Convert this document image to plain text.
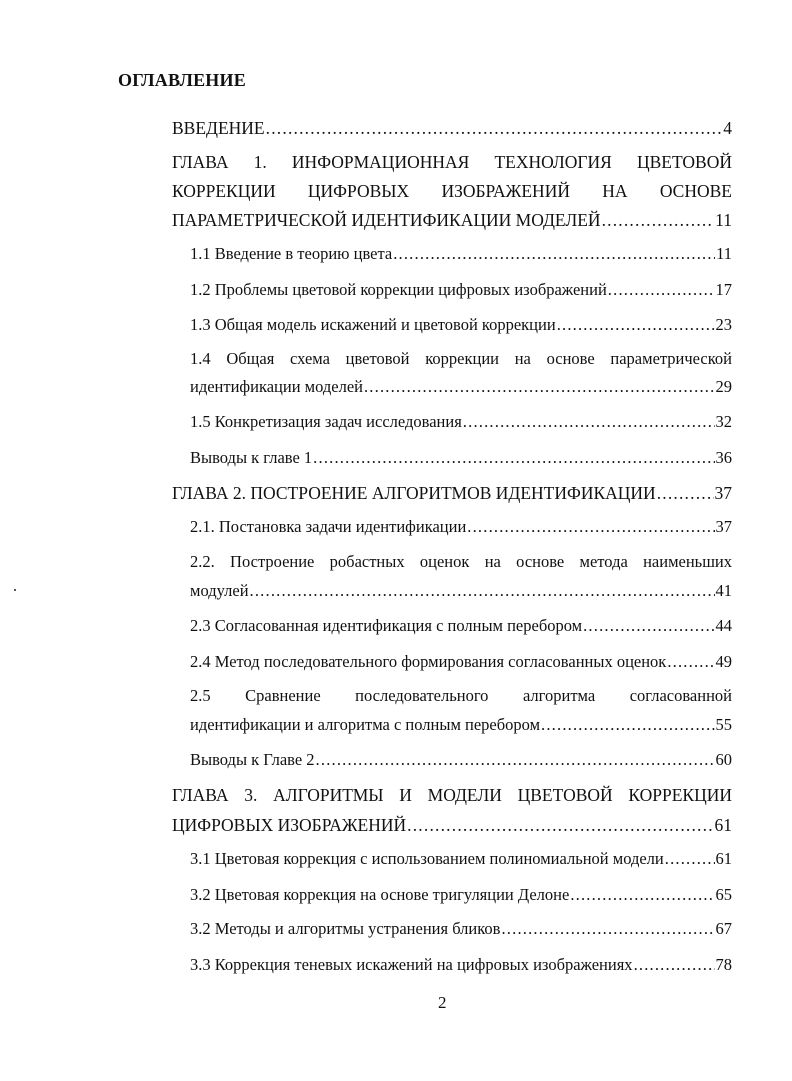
ОГЛАВЛЕНИЕ
ВВЕДЕНИЕ .....	4
ГЛАВА 1. ИНФОРМАЦИОННАЯ ТЕХНОЛОГИЯ ЦВЕТОВОЙ
КОРРЕКЦИИ ЦИФРОВЫХ ИЗОБРАЖЕНИЙ НА ОСНОВЕ
ПАРАМЕТРИЧЕСКОЙ ИДЕНТИФИКАЦИИ МОДЕЛЕЙ .....	11
1.1 Введение в теорию цвета .....	11
1.2 Проблемы цветовой коррекции цифровых изображений .....	17
1.3 Общая модель искажений и цветовой коррекции .....	23
1.4 Общая схема цветовой коррекции на основе параметрической
идентификации моделей .....	29
1.5 Конкретизация задач исследования .....	32
Выводы к главе 1 .....	36
ГЛАВА 2. ПОСТРОЕНИЕ АЛГОРИТМОВ ИДЕНТИФИКАЦИИ .....	37
2.1. Постановка задачи идентификации .....	37
2.2. Построение робастных оценок на основе метода наименьших
модулей .....	41
2.3 Согласованная идентификация с полным перебором .....	44
2.4 Метод последовательного формирования согласованных оценок .....	49
2.5 Сравнение последовательного алгоритма согласованной
идентификации и алгоритма с полным перебором .....	55
Выводы к Главе 2 .....	60
ГЛАВА 3. АЛГОРИТМЫ И МОДЕЛИ ЦВЕТОВОЙ КОРРЕКЦИИ
ЦИФРОВЫХ ИЗОБРАЖЕНИЙ .....	61
3.1 Цветовая коррекция с использованием полиномиальной модели .....	61
3.2 Цветовая коррекция на основе тригуляции Делоне .....	65
3.2 Методы и алгоритмы устранения бликов .....	67
3.3 Коррекция теневых искажений на цифровых изображениях .....	78
2
